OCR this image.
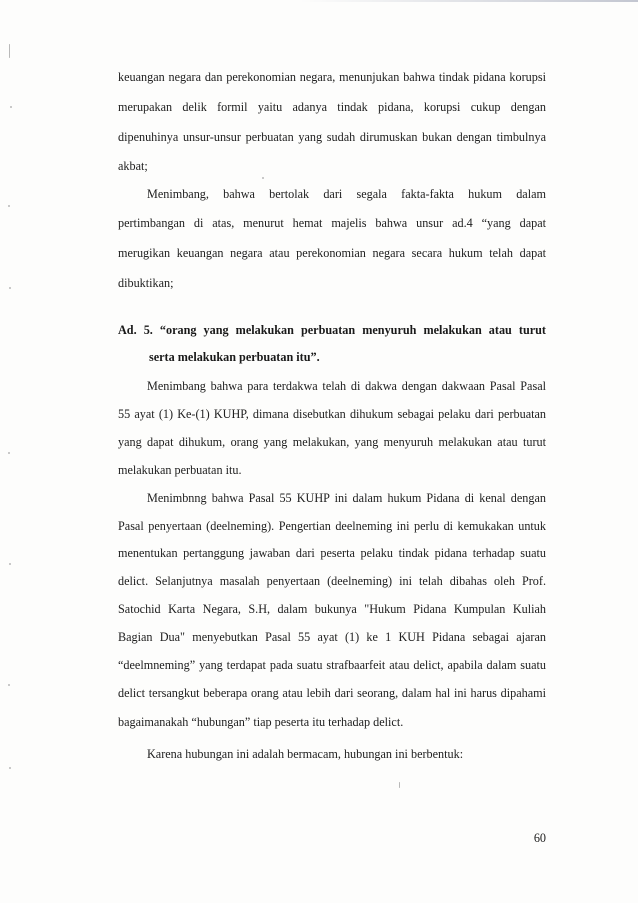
keuangan negara dan perekonomian negara, menunjukan bahwa tindak pidana korupsi
merupakan delik formil yaitu adanya tindak pidana, korupsi cukup dengan
dipenuhinya unsur-unsur perbuatan yang sudah dirumuskan bukan dengan timbulnya
akbat;
Menimbang, bahwa bertolak dari segala fakta-fakta hukum dalam
pertimbangan di atas, menurut hemat majelis bahwa unsur ad.4 “yang dapat
merugikan keuangan negara atau perekonomian negara secara hukum telah dapat
dibuktikan;
Ad. 5. “orang yang melakukan perbuatan menyuruh melakukan atau turut
serta melakukan perbuatan itu”.
Menimbang bahwa para terdakwa telah di dakwa dengan dakwaan Pasal Pasal
55 ayat (1) Ke-(1) KUHP, dimana disebutkan dihukum sebagai pelaku dari perbuatan
yang dapat dihukum, orang yang melakukan, yang menyuruh melakukan atau turut
melakukan perbuatan itu.
Menimbnng bahwa Pasal 55 KUHP ini dalam hukum Pidana di kenal dengan
Pasal penyertaan (deelneming). Pengertian deelneming ini perlu di kemukakan untuk
menentukan pertanggung jawaban dari peserta pelaku tindak pidana terhadap suatu
delict. Selanjutnya masalah penyertaan (deelneming) ini telah dibahas oleh Prof.
Satochid Karta Negara, S.H, dalam bukunya "Hukum Pidana Kumpulan Kuliah
Bagian Dua" menyebutkan Pasal 55 ayat (1) ke 1 KUH Pidana sebagai ajaran
“deelmneming” yang terdapat pada suatu strafbaarfeit atau delict, apabila dalam suatu
delict tersangkut beberapa orang atau lebih dari seorang, dalam hal ini harus dipahami
bagaimanakah “hubungan” tiap peserta itu terhadap delict.
Karena hubungan ini adalah bermacam, hubungan ini berbentuk:
60
